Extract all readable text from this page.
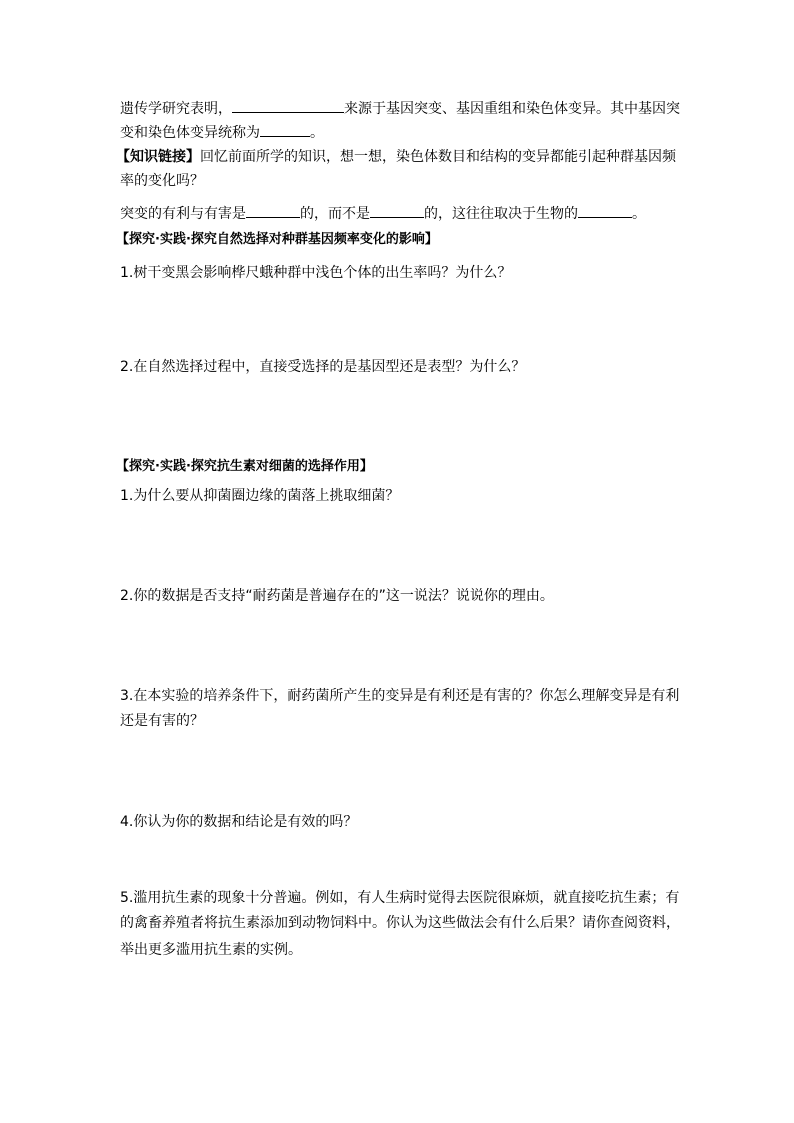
遗传学研究表明，	来源于基因突变、基因重组和染色体变异。其中基因突
变和染色体变异统称为	。
【知识链接】回忆前面所学的知识，想一想，染色体数目和结构的变异都能引起种群基因频
率的变化吗？
突变的有利与有害是	的，而不是	的，这往往取决于生物的	。
【探究·实践·探究自然选择对种群基因频率变化的影响】
1.树干变黑会影响桦尺蛾种群中浅色个体的出生率吗？为什么？
2.在自然选择过程中，直接受选择的是基因型还是表型？为什么？
【探究·实践·探究抗生素对细菌的选择作用】
1.为什么要从抑菌圈边缘的菌落上挑取细菌？
2.你的数据是否支持“耐药菌是普遍存在的”这一说法？说说你的理由。
3.在本实验的培养条件下，耐药菌所产生的变异是有利还是有害的？你怎么理解变异是有利
还是有害的？
4.你认为你的数据和结论是有效的吗？
5.滥用抗生素的现象十分普遍。例如，有人生病时觉得去医院很麻烦，就直接吃抗生素；有
的禽畜养殖者将抗生素添加到动物饲料中。你认为这些做法会有什么后果？请你查阅资料，
举出更多滥用抗生素的实例。
